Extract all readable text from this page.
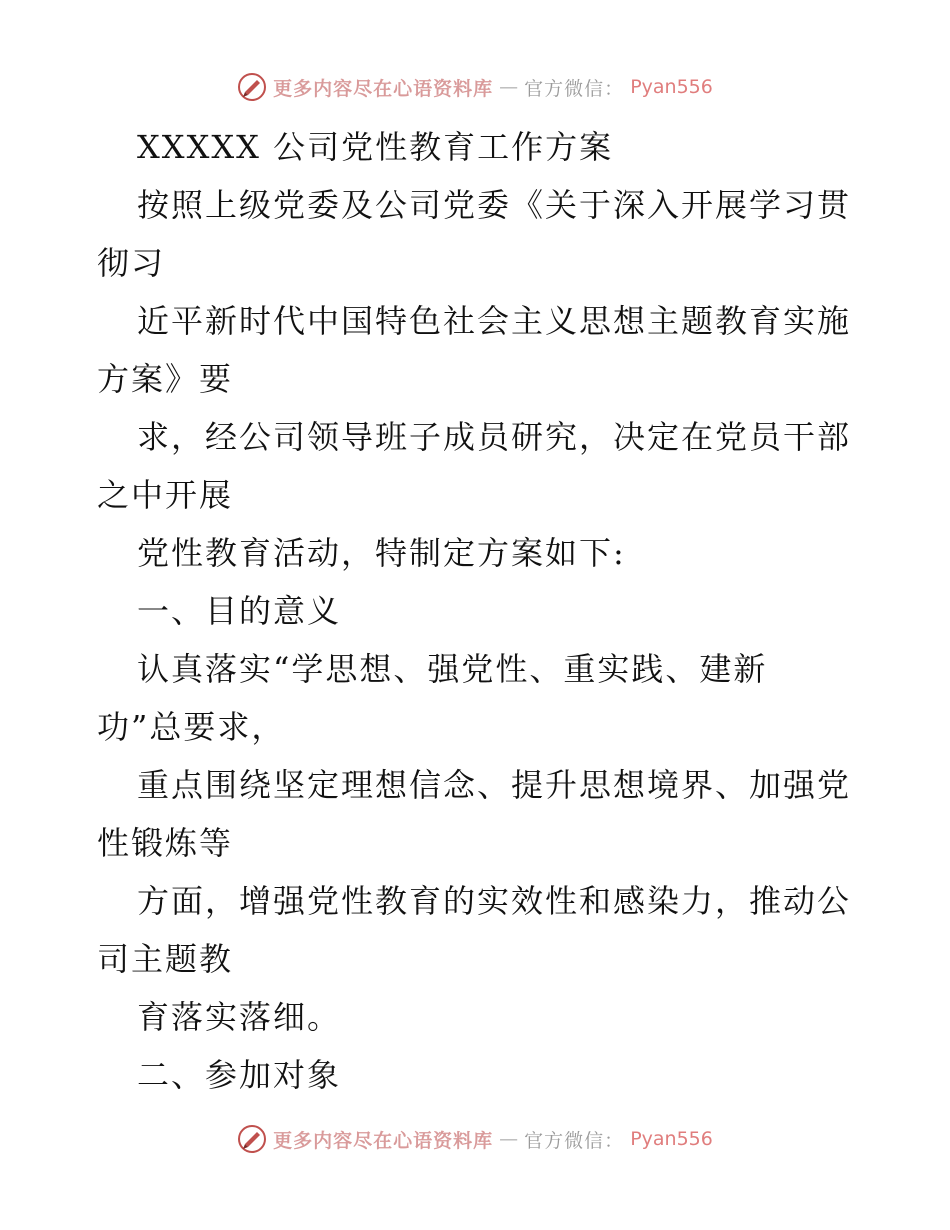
更多内容尽在心语资料库 — 官方微信： Pyan556
XXXXX 公司党性教育工作方案
按照上级党委及公司党委《关于深入开展学习贯
彻习
近平新时代中国特色社会主义思想主题教育实施
方案》要
求，经公司领导班子成员研究，决定在党员干部
之中开展
党性教育活动，特制定方案如下:
一、目的意义
认真落实“学思想、强党性、重实践、建新
功”总要求，
重点围绕坚定理想信念、提升思想境界、加强党
性锻炼等
方面，增强党性教育的实效性和感染力，推动公
司主题教
育落实落细。
二、参加对象
更多内容尽在心语资料库 — 官方微信： Pyan556
